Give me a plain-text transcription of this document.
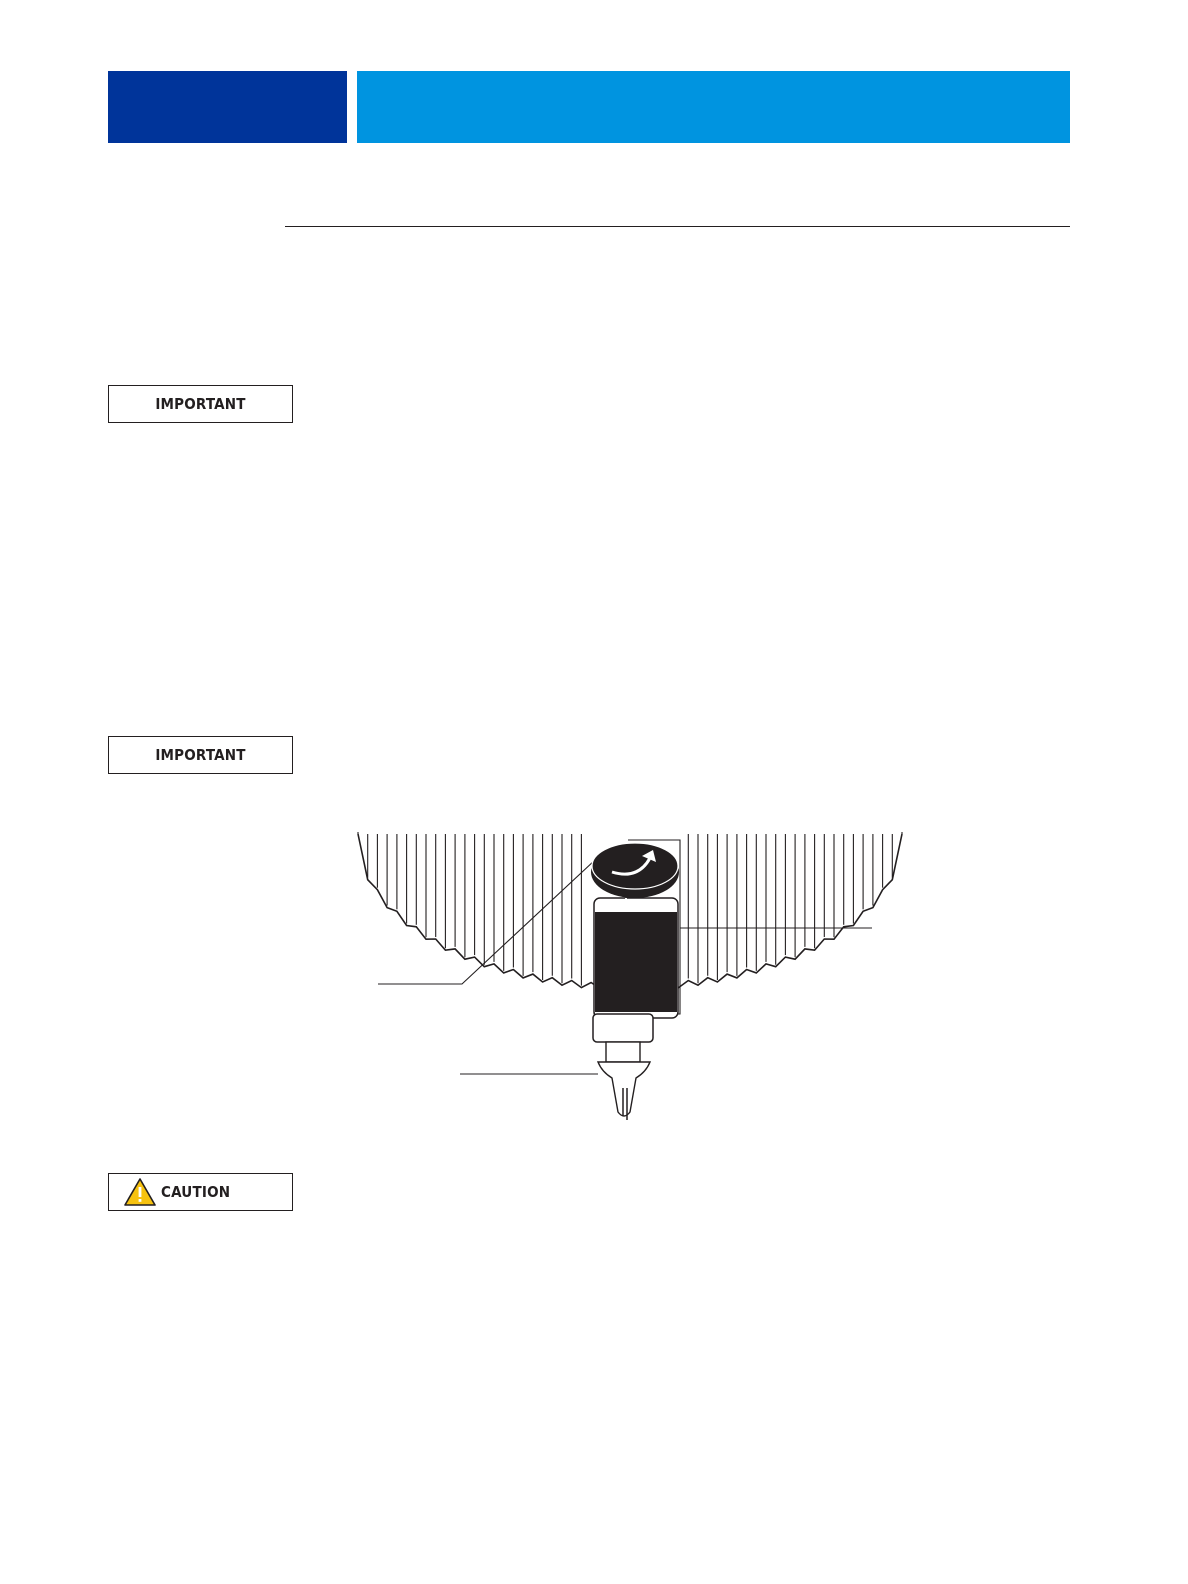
IMPORTANT
IMPORTANT
CAUTION
